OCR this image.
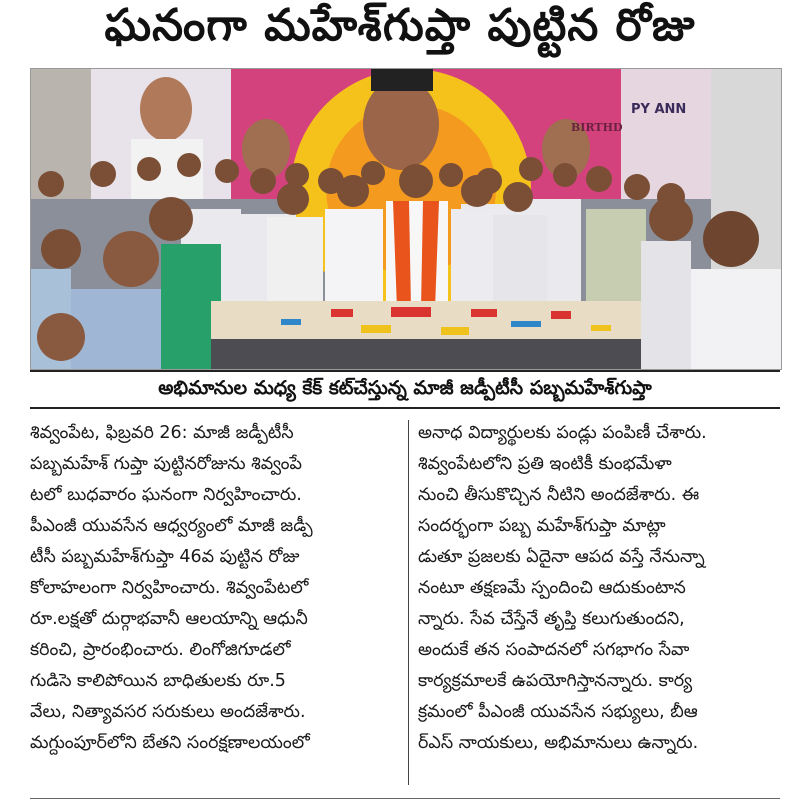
ఘనంగా మహేశ్‌గుప్తా పుట్టిన రోజు
PY ANN
BIRTHD
అభిమానుల మధ్య కేక్ కట్‌చేస్తున్న మాజీ జడ్పీటీసీ పబ్బమహేశ్‌గుప్తా
శివ్వంపేట, ఫిబ్రవరి 26: మాజీ జడ్పీటీసీ
పబ్బమహేశ్ గుప్తా పుట్టినరోజును శివ్వంపే
టలో బుధవారం ఘనంగా నిర్వహించారు.
పీఎంజీ యువసేన ఆధ్వర్యంలో మాజీ జడ్పీ
టీసీ పబ్బమహేశ్‌గుప్తా 46వ పుట్టిన రోజు
కోలాహలంగా నిర్వహించారు. శివ్వంపేటలో
రూ.లక్షతో దుర్గాభవానీ ఆలయాన్ని ఆధునీ
కరించి, ప్రారంభించారు. లింగోజిగూడలో
గుడిసె కాలిపోయిన బాధితులకు రూ.5
వేలు, నిత్యావసర సరుకులు అందజేశారు.
మగ్దుంపూర్‌లోని బేతని సంరక్షణాలయంలో
అనాధ విద్యార్థులకు పండ్లు పంపిణీ చేశారు.
శివ్వంపేటలోని ప్రతి ఇంటికీ కుంభమేళా
నుంచి తీసుకొచ్చిన నీటిని అందజేశారు. ఈ
సందర్భంగా పబ్బ మహేశ్‌గుప్తా మాట్లా
డుతూ ప్రజలకు ఏదైనా ఆపద వస్తే నేనున్నా
నంటూ తక్షణమే స్పందించి ఆదుకుంటాన
న్నారు. సేవ చేస్తేనే తృప్తి కలుగుతుందని,
అందుకే తన సంపాదనలో సగభాగం సేవా
కార్యక్రమాలకే ఉపయోగిస్తానన్నారు. కార్య
క్రమంలో పీఎంజీ యువసేన సభ్యులు, బీఆ
ర్ఎస్ నాయకులు, అభిమానులు ఉన్నారు.
